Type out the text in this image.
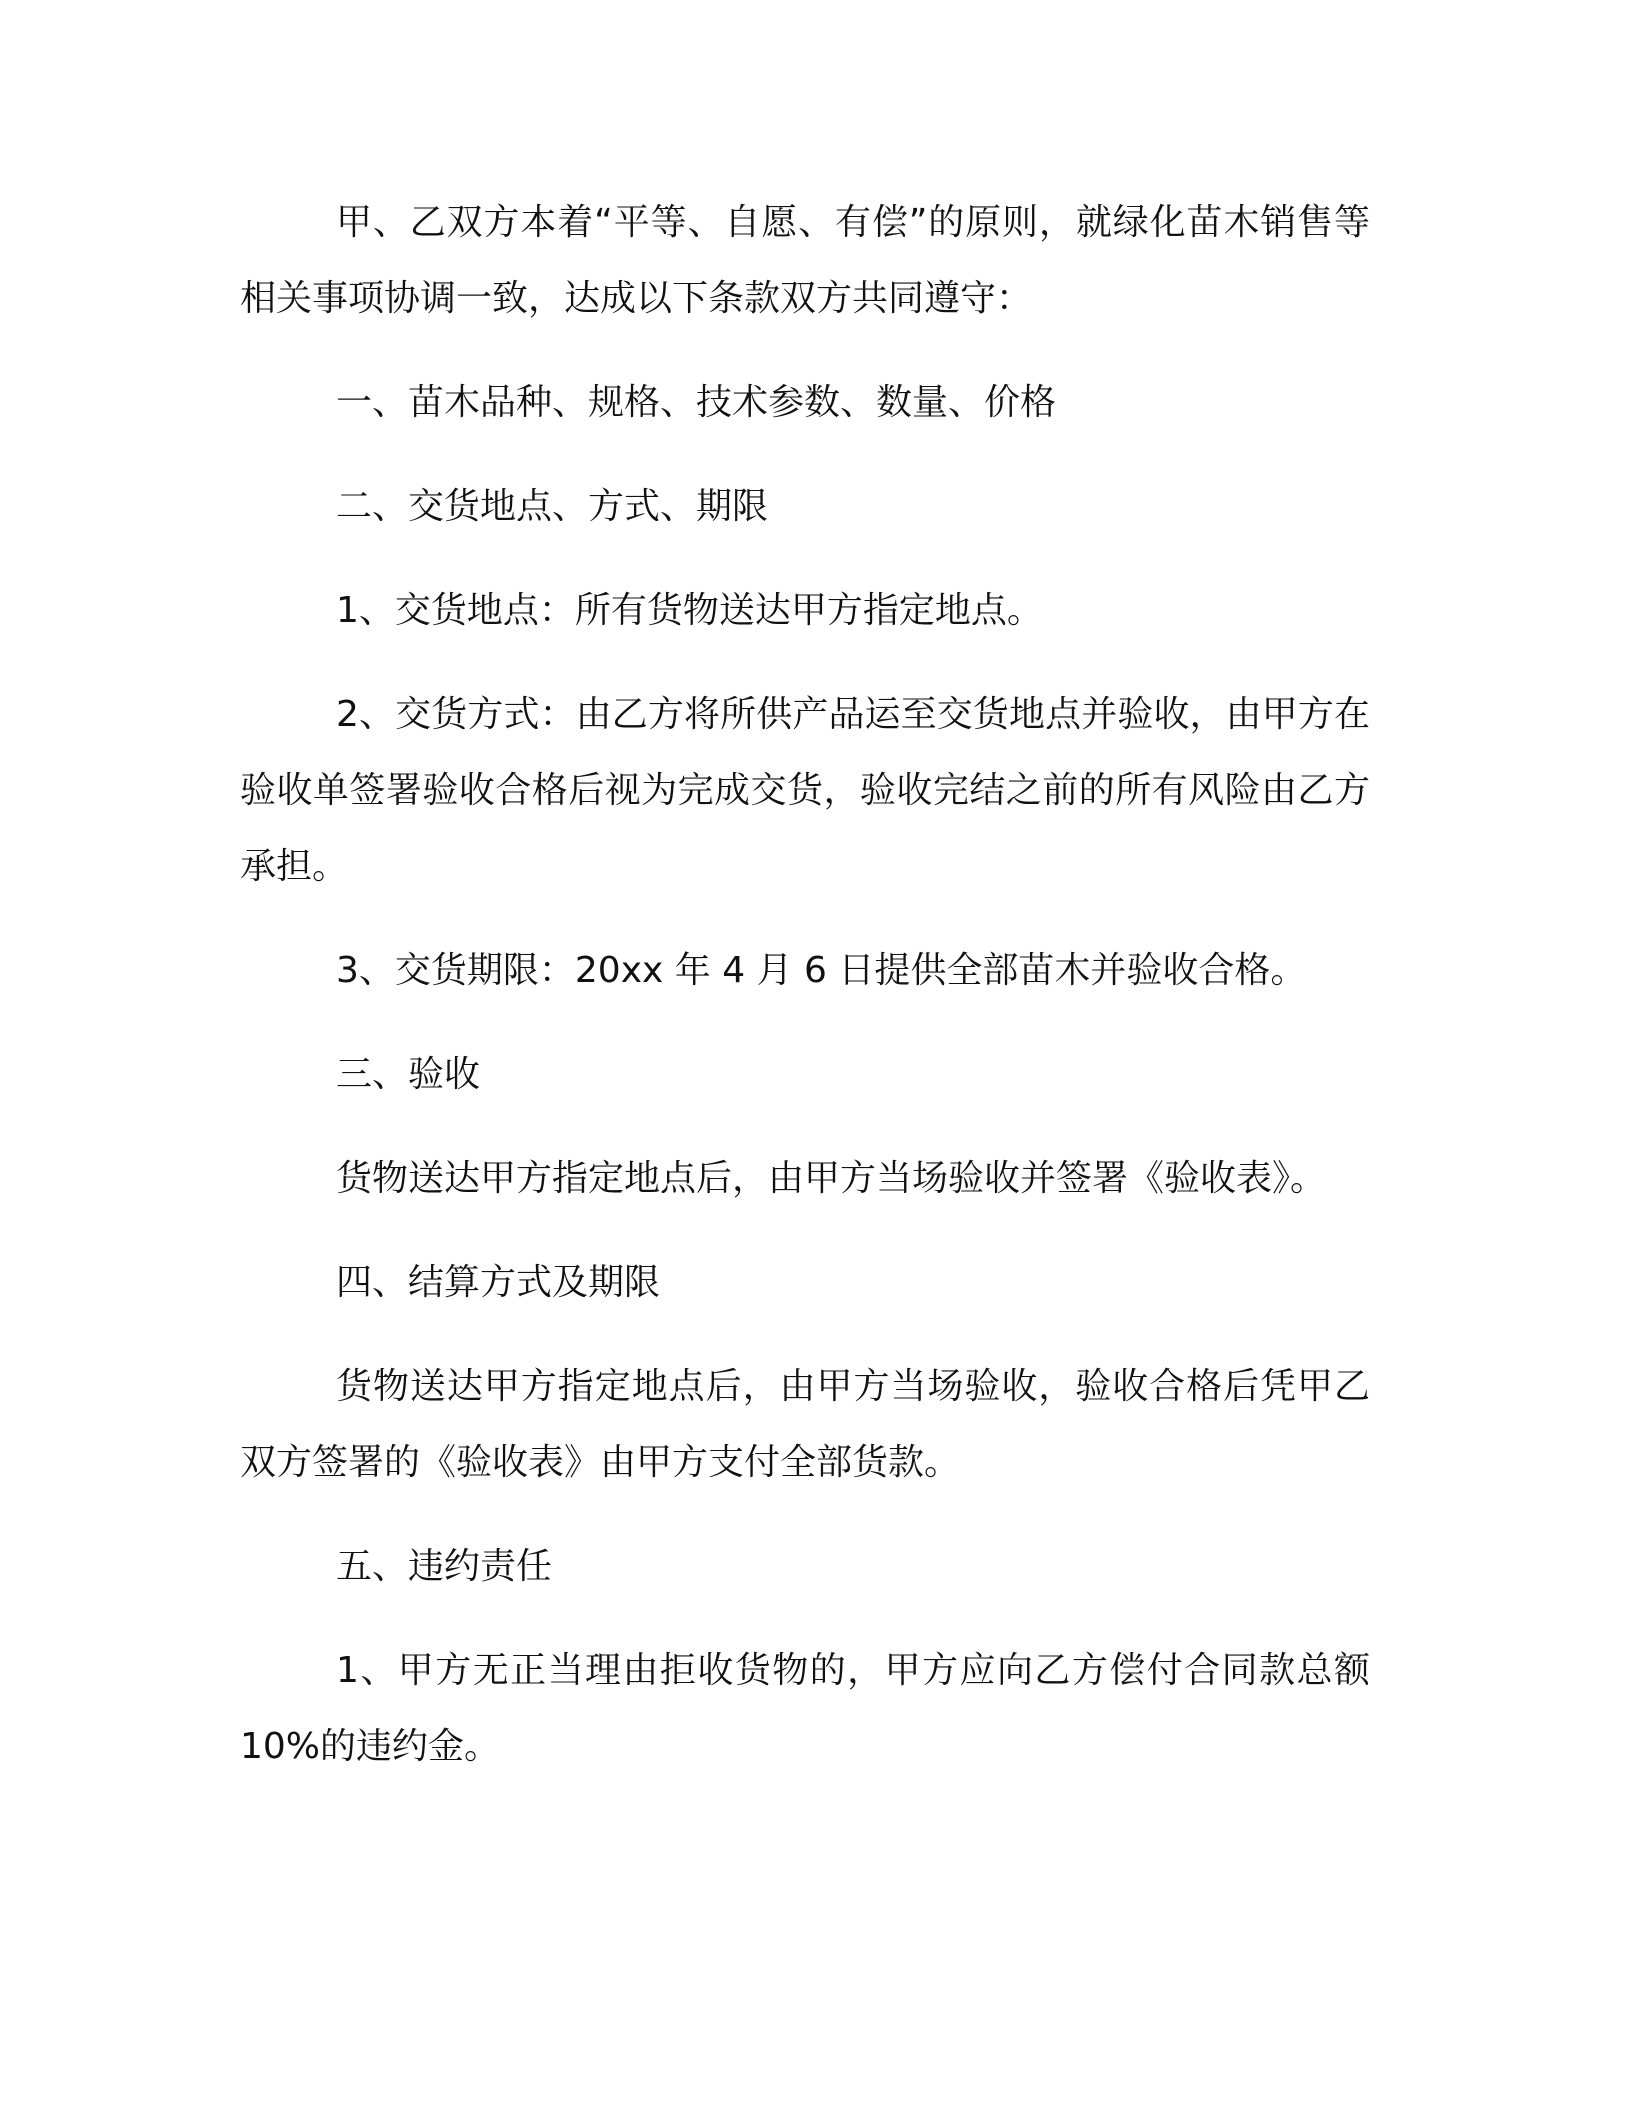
甲、乙双方本着“平等、自愿、有偿”的原则，就绿化苗木销售等相关事项协调一致，达成以下条款双方共同遵守：

一、苗木品种、规格、技术参数、数量、价格

二、交货地点、方式、期限

1、交货地点：所有货物送达甲方指定地点。

2、交货方式：由乙方将所供产品运至交货地点并验收，由甲方在验收单签署验收合格后视为完成交货，验收完结之前的所有风险由乙方承担。

3、交货期限：20xx 年 4 月 6 日提供全部苗木并验收合格。

三、验收

货物送达甲方指定地点后，由甲方当场验收并签署《验收表》。

四、结算方式及期限

货物送达甲方指定地点后，由甲方当场验收，验收合格后凭甲乙双方签署的《验收表》由甲方支付全部货款。

五、违约责任

1、甲方无正当理由拒收货物的，甲方应向乙方偿付合同款总额10%的违约金。
